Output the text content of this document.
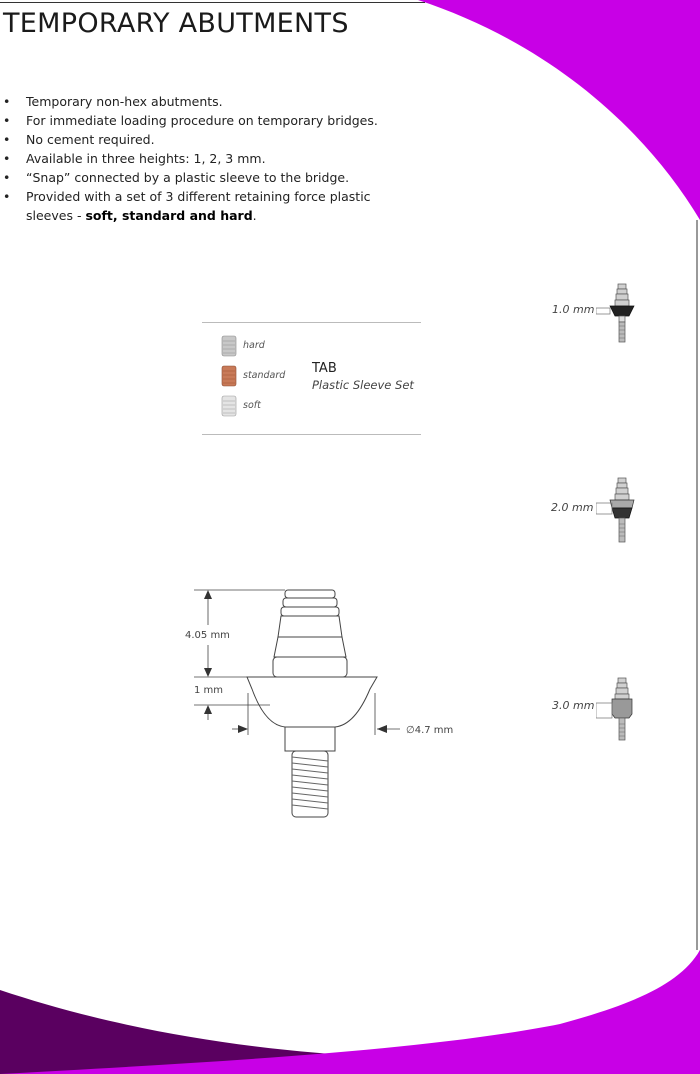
TEMPORARY ABUTMENTS
• Temporary non-hex abutments.
• For immediate loading procedure on temporary bridges.
• No cement required.
• Available in three heights: 1, 2, 3 mm.
• “Snap” connected by a plastic sleeve to the bridge.
• Provided with a set of 3 different retaining force plastic sleeves - soft, standard and hard.
hard
standard
soft
TAB
Plastic Sleeve Set
1.0 mm
2.0 mm
3.0 mm
4.05 mm
1 mm
∅4.7 mm
